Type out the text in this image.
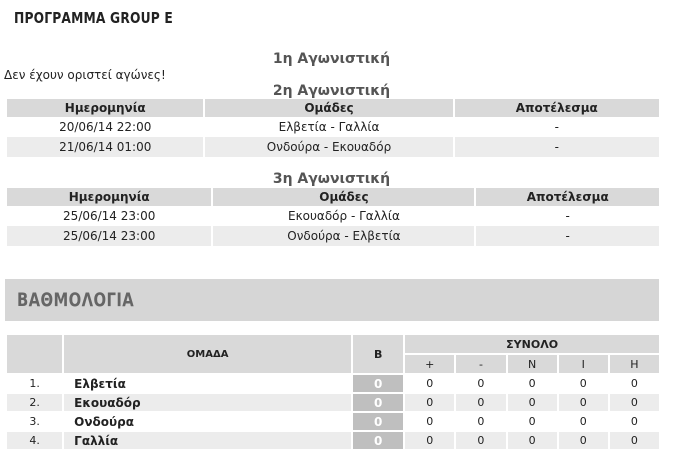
ΠΡΟΓΡΑΜΜΑ GROUP E
1η Αγωνιστική
Δεν έχουν οριστεί αγώνες!
2η Αγωνιστική
Ημερομηνία	Ομάδες	Αποτέλεσμα
20/06/14 22:00	Ελβετία - Γαλλία	-
21/06/14 01:00	Ονδούρα - Εκουαδόρ	-
3η Αγωνιστική
Ημερομηνία	Ομάδες	Αποτέλεσμα
25/06/14 23:00	Εκουαδόρ - Γαλλία	-
25/06/14 23:00	Ονδούρα - Ελβετία	-
ΒΑΘΜΟΛΟΓΙΑ
	ΟΜΑΔΑ	Β	ΣΥΝΟΛΟ				
			+	-	Ν	Ι	Η
1.	Ελβετία	0	0	0	0	0	0
2.	Εκουαδόρ	0	0	0	0	0	0
3.	Ονδούρα	0	0	0	0	0	0
4.	Γαλλία	0	0	0	0	0	0
